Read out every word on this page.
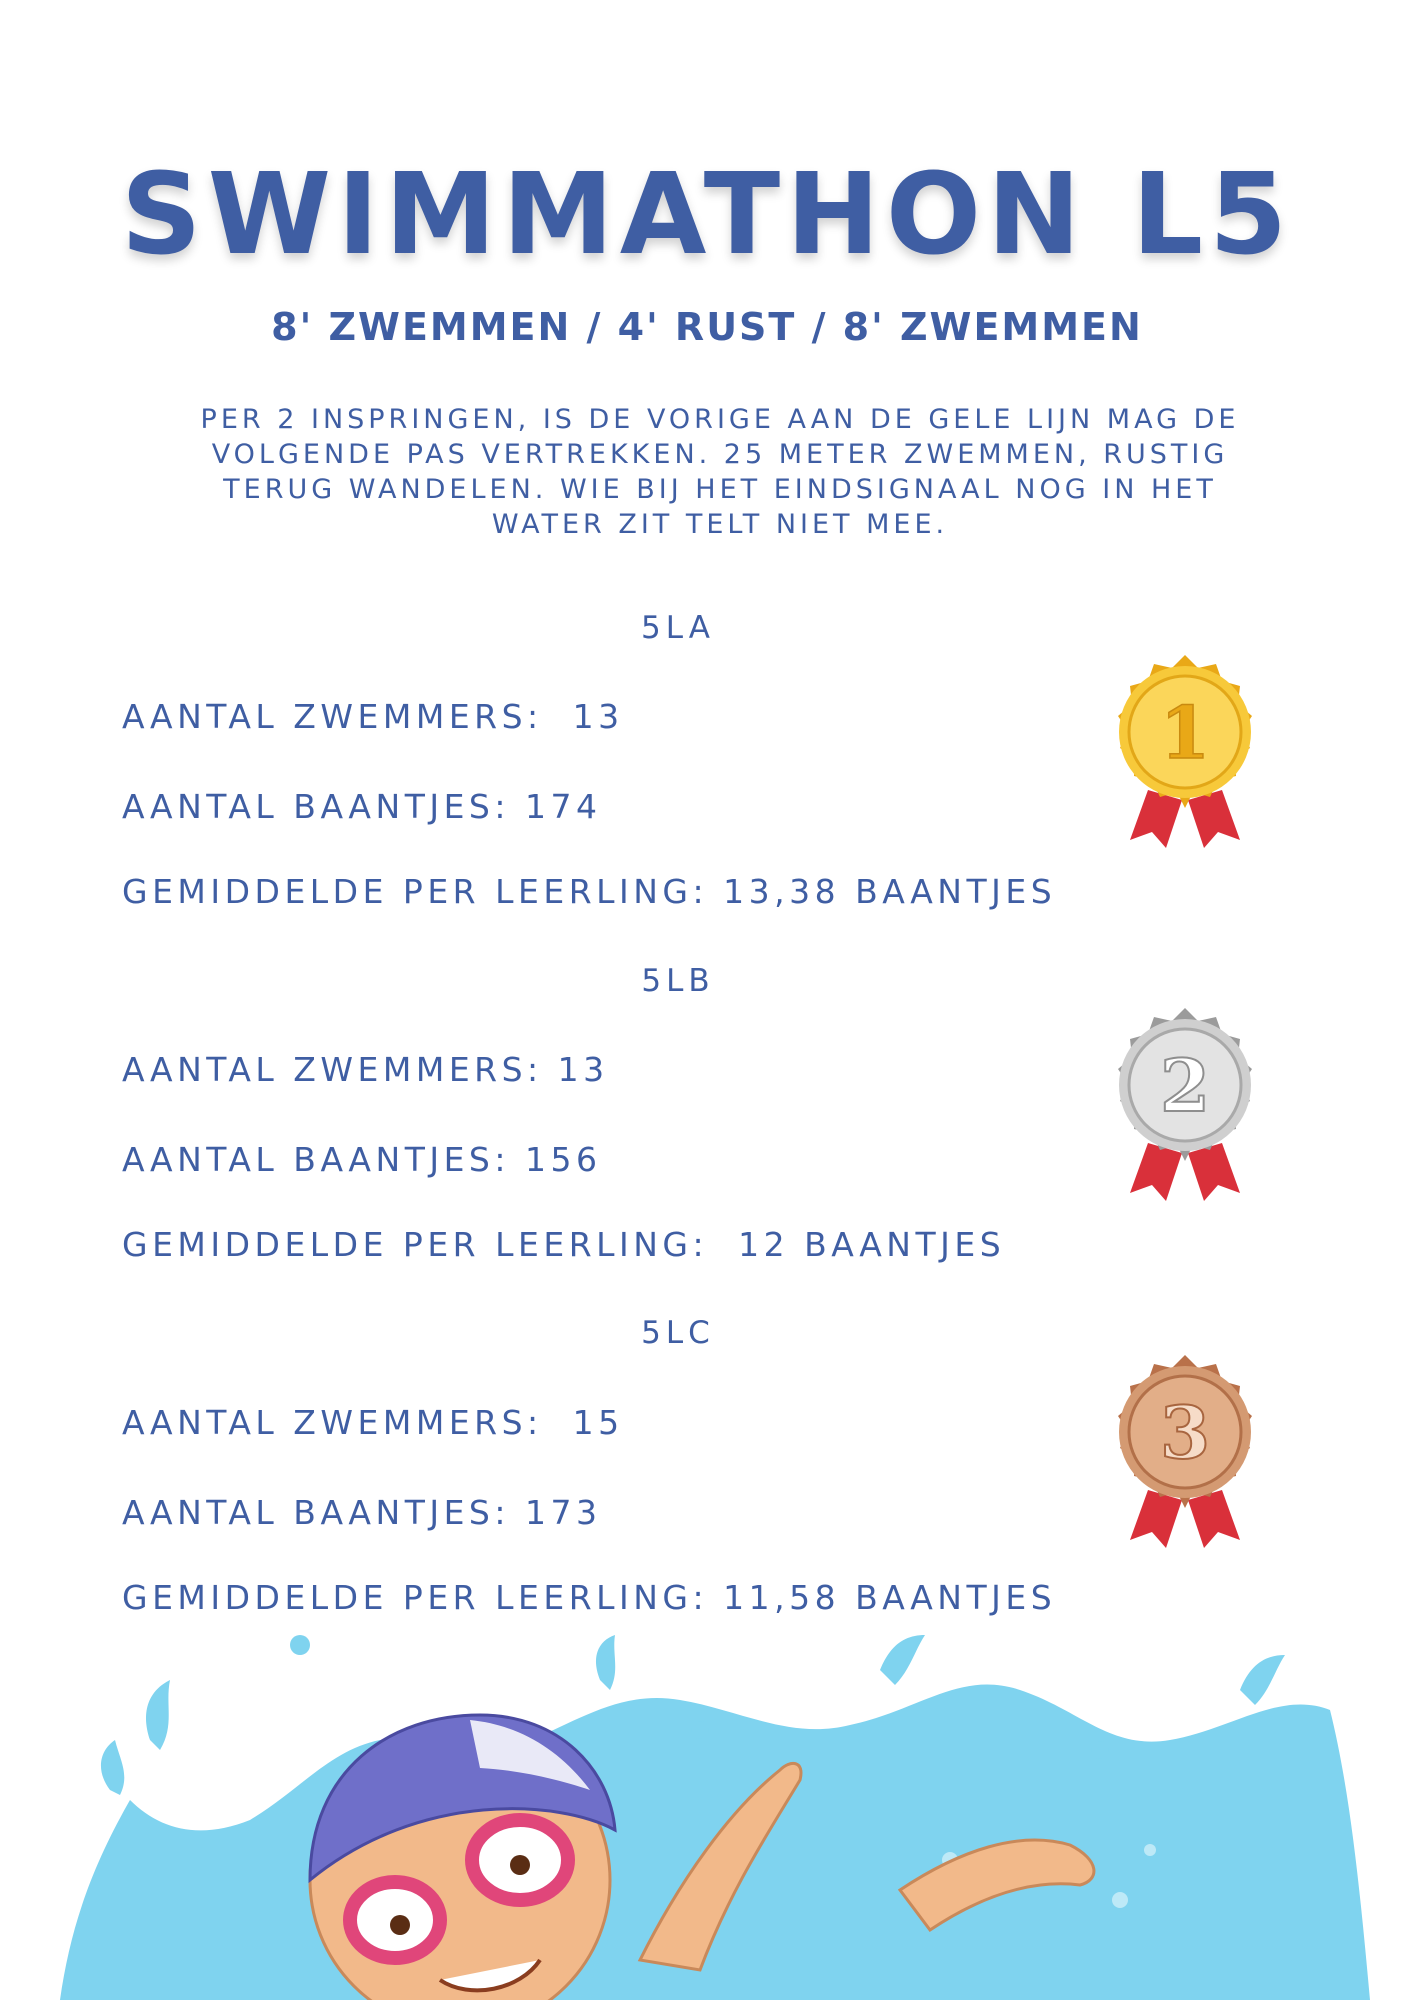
SWIMMATHON L5
8' ZWEMMEN / 4' RUST / 8' ZWEMMEN
PER 2 INSPRINGEN, IS DE VORIGE AAN DE GELE LIJN MAG DE VOLGENDE PAS VERTREKKEN. 25 METER ZWEMMEN, RUSTIG TERUG WANDELEN. WIE BIJ HET EINDSIGNAAL NOG IN HET WATER ZIT TELT NIET MEE.
5LA
AANTAL ZWEMMERS:  13
AANTAL BAANTJES: 174
GEMIDDELDE PER LEERLING: 13,38 BAANTJES
5LB
AANTAL ZWEMMERS: 13
AANTAL BAANTJES: 156
GEMIDDELDE PER LEERLING:  12 BAANTJES
5LC
AANTAL ZWEMMERS:  15
AANTAL BAANTJES: 173
GEMIDDELDE PER LEERLING: 11,58 BAANTJES
1
2
3
